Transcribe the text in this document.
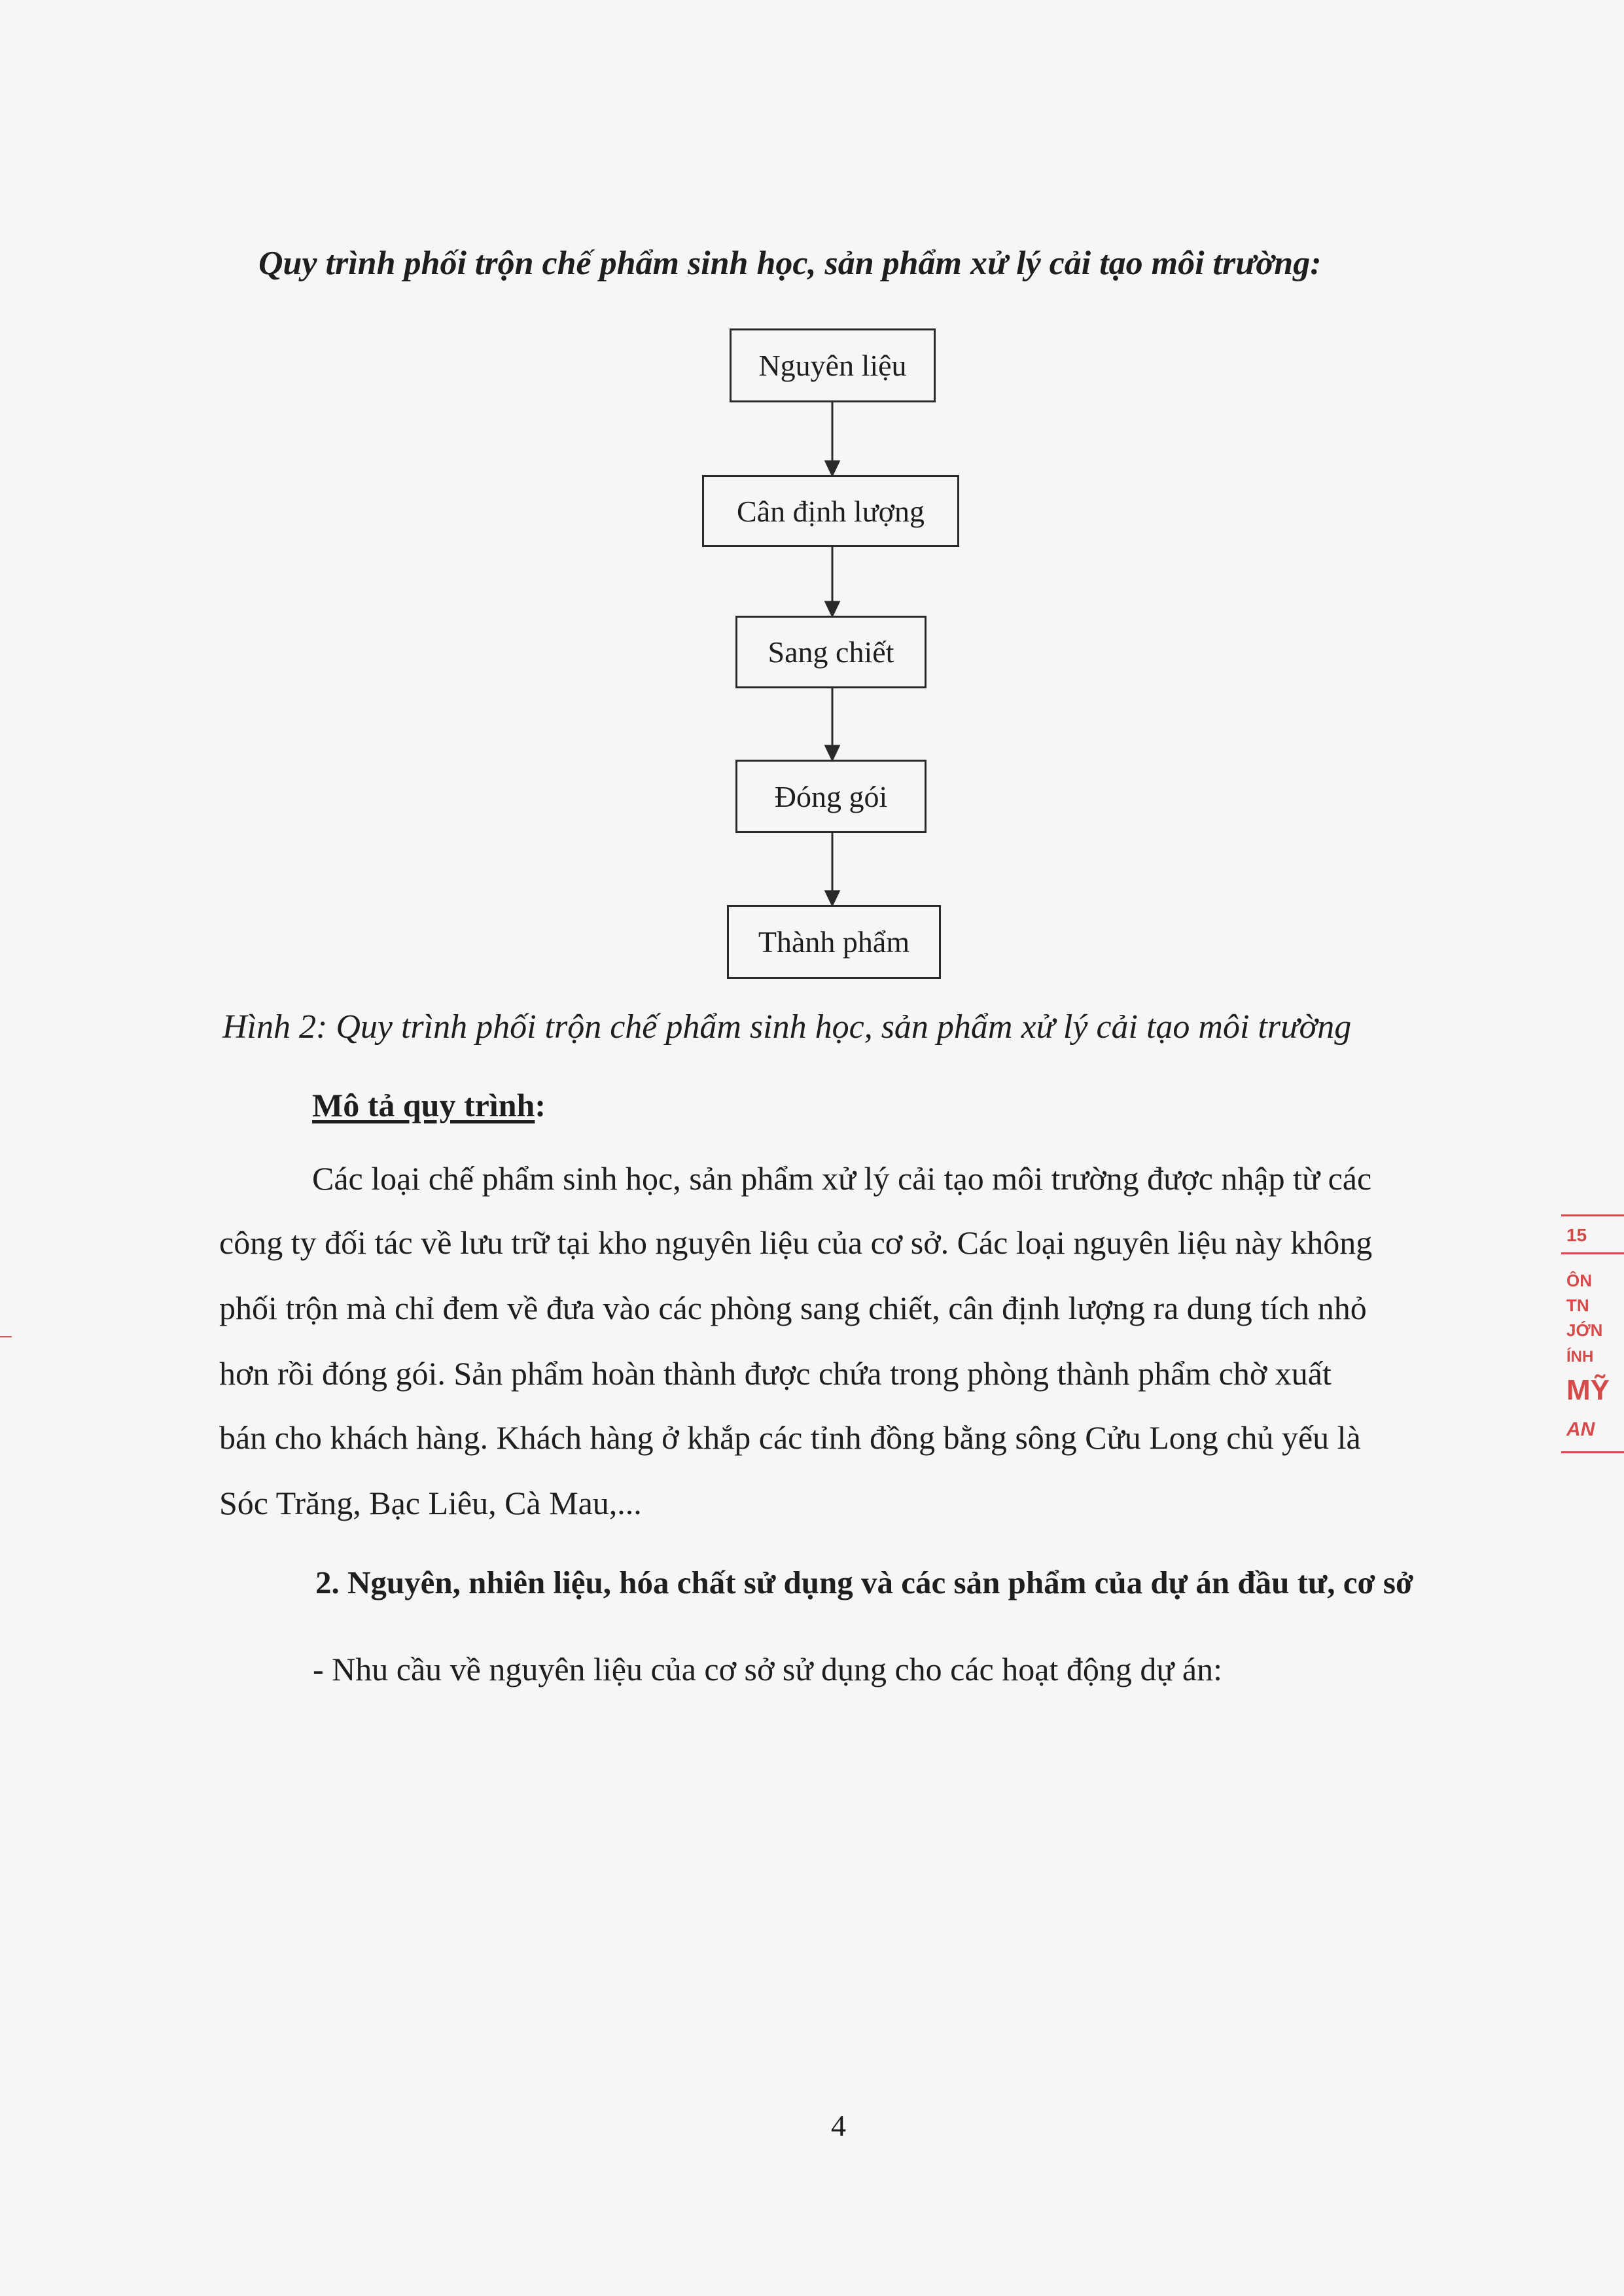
Quy trình phối trộn chế phẩm sinh học, sản phẩm xử lý cải tạo môi trường:
Nguyên liệu
Cân định lượng
Sang chiết
Đóng gói
Thành phẩm
Hình 2: Quy trình phối trộn chế phẩm sinh học, sản phẩm xử lý cải tạo môi trường
Mô tả quy trình:
Các loại chế phẩm sinh học, sản phẩm xử lý cải tạo môi trường được nhập từ các
công ty đối tác về lưu trữ tại kho nguyên liệu của cơ sở. Các loại nguyên liệu này không
phối trộn mà chỉ đem về đưa vào các phòng sang chiết, cân định lượng ra dung tích nhỏ
hơn rồi đóng gói. Sản phẩm hoàn thành được chứa trong phòng thành phẩm chờ xuất
bán cho khách hàng. Khách hàng ở khắp các tỉnh đồng bằng sông Cửu Long chủ yếu là
Sóc Trăng, Bạc Liêu, Cà Mau,...
2. Nguyên, nhiên liệu, hóa chất sử dụng và các sản phẩm của dự án đầu tư, cơ sở
- Nhu cầu về nguyên liệu của cơ sở sử dụng cho các hoạt động dự án:
4
15
ÔN
TN
JỚN
ÍNH
MỸ
AN
